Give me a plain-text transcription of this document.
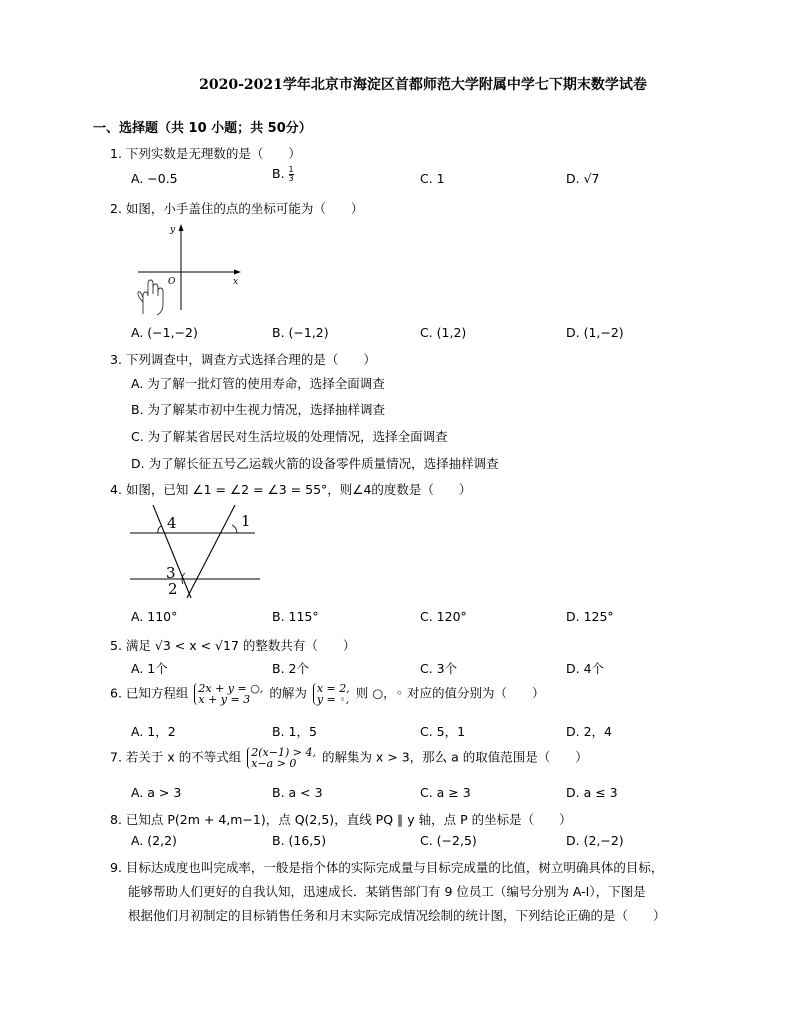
2020-2021学年北京市海淀区首都师范大学附属中学七下期末数学试卷
一、选择题（共 10 小题；共 50分）
1. 下列实数是无理数的是（　　）
A. −0.5	B. $\frac{1}{3}$	C. 1	D. √7
2. 如图，小手盖住的点的坐标可能为（　　）
y
x
O
A. (−1,−2)	B. (−1,2)	C. (1,2)	D. (1,−2)
3. 下列调查中，调查方式选择合理的是（　　）
A. 为了解一批灯管的使用寿命，选择全面调查
B. 为了解某市初中生视力情况，选择抽样调查
C. 为了解某省居民对生活垃圾的处理情况，选择全面调查
D. 为了解长征五号乙运载火箭的设备零件质量情况，选择抽样调查
4. 如图，已知 ∠1 = ∠2 = ∠3 = 55°，则∠4的度数是（　　）
4	1
3
2
A. 110°	B. 115°	C. 120°	D. 125°
5. 满足 √3 < x < √17 的整数共有（　　）
A. 1个	B. 2个	C. 3个	D. 4个
6. 已知方程组 2x + y = ○,
x + y = 3 的解为 x = 2,
y = ◦, 则 ○，◦ 对应的值分别为（　　）
A. 1，2	B. 1，5	C. 5，1	D. 2，4
7. 若关于 x 的不等式组 2(x−1) > 4,
x−a > 0 的解集为 x > 3，那么 a 的取值范围是（　　）
A. a > 3	B. a < 3	C. a ≥ 3	D. a ≤ 3
8. 已知点 P(2m + 4,m−1)，点 Q(2,5)，直线 PQ ∥ y 轴，点 P 的坐标是（　　）
A. (2,2)	B. (16,5)	C. (−2,5)	D. (2,−2)
9. 目标达成度也叫完成率，一般是指个体的实际完成量与目标完成量的比值，树立明确具体的目标，
能够帮助人们更好的自我认知，迅速成长．某销售部门有 9 位员工（编号分别为 A-I），下图是
根据他们月初制定的目标销售任务和月末实际完成情况绘制的统计图，下列结论正确的是（　　）
